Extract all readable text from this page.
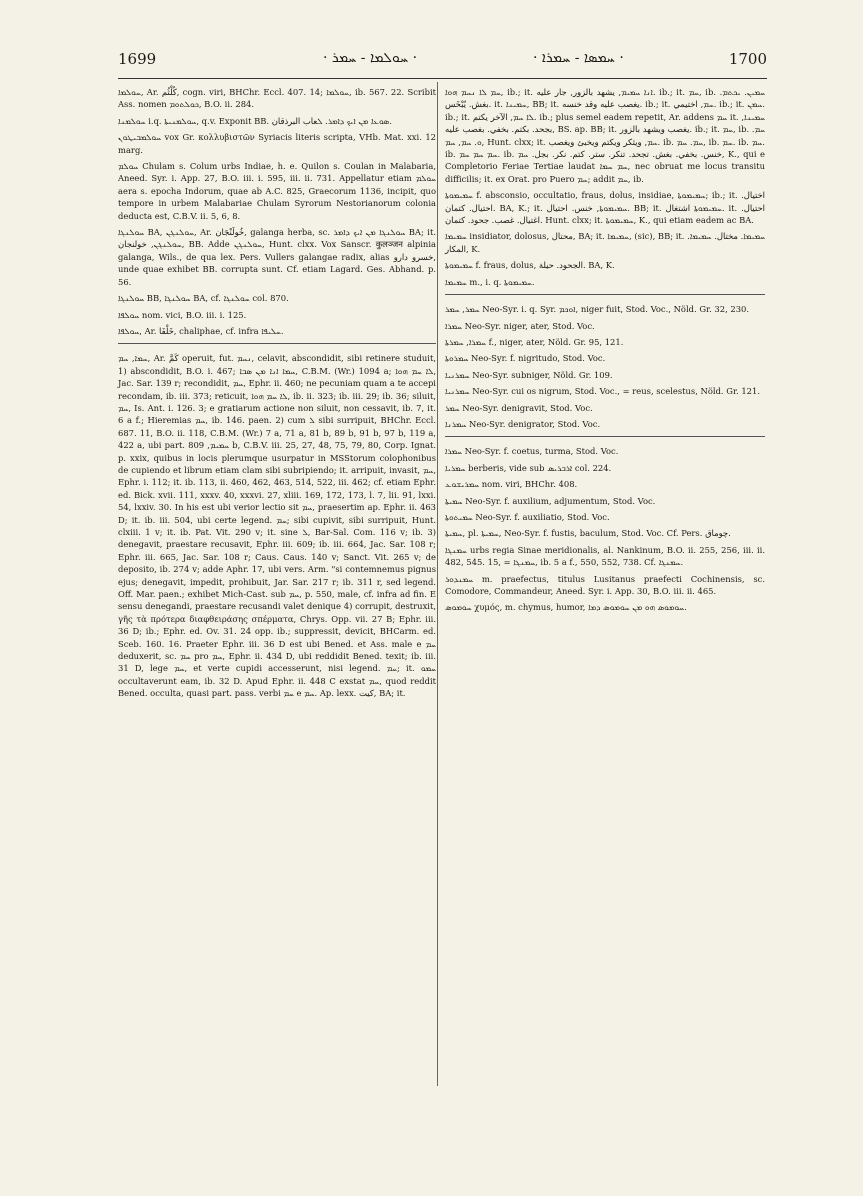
1699	· ܚܘܠܡܐ - ܚܡܪ ·	· ܚܡܣܐ - ܚܡܪܐ ·	1700

ܚܘܠܡܐ, Ar. كُلْثُم, cogn. viri, BHChr. Eccl. 407. 14; ܚܘܠܡܐ, ib. 567. 22. Scribit Ass. nomen ܟܘܠܬܘܡ, B.O. ii. 284.

ܚܘܠܡܢܐ i.q. ܚܘܠܡܢܝܬܐ, q.v. Exponit BB. ܣܘܥܐ ܡܢ ܐܝܟ ܕܐܡܪ. ܠعاب البرذقان.

ܚܘܠܡܒܝܛܘܢ vox Gr. κολλυβιστῶν Syriacis literis scripta, VHb. Mat. xxi. 12 marg.

ܚܘܠܡ Chulam s. Colum urbs Indiae, h. e. Quilon s. Coulan in Malabaria, Aneed. Syr. i. App. 27, B.O. iii. i. 595, iii. ii. 731. Appellatur etiam ܚܘܠܡ aera s. epocha Indorum, quae ab A.C. 825, Graecorum 1136, incipit, quo tempore in urbem Malabariae Chulam Syrorum Nestorianorum colonia deducta est, C.B.V. ii. 5, 6, 8.

ܚܘܠܢܓܐ BA, ܚܘܠܢܓܢ, Ar. خُولَنْجَان, galanga herba, sc. ܚܘܠܢܓܐ ܡܢ ܐܝܟ ܕܐܡܪ BA; it. ܚܘܠܢܓܢ, خولنجان, BB. Adde ܚܘܠܢܓܢ, Hunt. clxx. Vox Sanscr. कुलञ्जन alpinia galanga, Wils., de qua lex. Pers. Vullers galangae radix, alias خسرو دارو, unde quae exhibet BB. corrupta sunt. Cf. etiam Lagard. Ges. Abhand. p. 56.

ܚܘܠܢܓܐ BB, ܚܘܠܢܓܐ BA, cf. ܚܘܠܢܓܐ col. 870.

ܚܘܠܦܐ nom. vici, B.O. iii. i. 125.

ܚܘܠܦܐ, Ar. خَلْفَا, chaliphae, cf. infra ܚܠܝܦܐ.

ܚܡܐ, ܚܡ, Ar. كَمَّ operuit, fut. ܢܚܡ, celavit, abscondidit, sibi retinere studuit, 1) abscondidit, B.O. i. 467; ܚܡܐ ܐܢܐ ܡܢ ܣܒܐ, C.B.M. (Wr.) 1094 a; ܠܐ ܚܡ ܗܘܐ, Jac. Sar. 139 r; recondidit, ܚܡ, Ephr. ii. 460; ne pecuniam quam a te accepi recondam, ib. iii. 373; reticuit, ܠܐ ܚܡ ܗܘܐ, ib. ii. 323; ib. iii. 29; ib. 36; siluit, ܚܡ, Is. Ant. i. 126. 3; e gratiarum actione non siluit, non cessavit, ib. 7, it. 6 a f.; Hieremias ܚܡ, ib. 146. paen. 2) cum ܠ sibi surripuit, BHChr. Eccl. 687. 11, B.O. ii. 118, C.B.M. (Wr.) 7 a, 71 a, 81 b, 89 b, 91 b, 97 b, 119 a, 422 a, ubi part. ܚܡܝܡ, 809 b, C.B.V. iii. 25, 27, 48, 75, 79, 80, Corp. Ignat. p. xxix, quibus in locis plerumque usurpatur in MSStorum colophonibus de cupiendo et librum etiam clam sibi subripiendo; it. arripuit, invasit, ܚܡ, Ephr. i. 112; it. ib. 113, ii. 460, 462, 463, 514, 522, iii. 462; cf. etiam Ephr. ed. Bick. xvii. 111, xxxv. 40, xxxvi. 27, xliii. 169, 172, 173, l. 7, lii. 91, lxxi. 54, lxxiv. 30. In his est ubi verior lectio sit ܚܡ, praesertim ap. Ephr. ii. 463 D; it. ib. iii. 504, ubi certe legend. ܚܡ; sibi cupivit, sibi surripuit, Hunt. clxiii. 1 v; it. ib. Pat. Vit. 290 v; it. sine ܠ, Bar-Sal. Com. 116 v; ib. 3) denegavit, praestare recusavit, Ephr. iii. 609; ib. iii. 664, Jac. Sar. 108 r; Ephr. iii. 665, Jac. Sar. 108 r; Caus. Caus. 140 v; Sanct. Vit. 265 v; de deposito, ib. 274 v; adde Aphr. 17, ubi vers. Arm. "si contemnemus pignus ejus; denegavit, impedit, prohibuit, Jar. Sar. 217 r; ib. 311 r, sed legend. Off. Mar. paen.; exhibet Mich-Cast. sub ܚܡ, p. 550, male, cf. infra ad fin. E sensu denegandi, praestare recusandi valet denique 4) corrupit, destruxit, γῆς τὰ πρότερα διαφθειράσης σπέρματα, Chrys. Opp. vii. 27 B; Ephr. iii. 36 D; ib.; Ephr. ed. Ov. 31. 24 opp. ib.; suppressit, devicit, BHCarm. ed. Sceb. 160. 16. Praeter Ephr. iii. 36 D est ubi Bened. et Ass. male e ܚܡ deduxerit, sc. ܚܡ pro ܚܡ, Ephr. ii. 434 D, ubi reddidit Bened. texit; ib. iii. 31 D, lege ܚܡ, et verte cupidi accesserunt, nisi legend. ܚܡ; it. ܚܡܘ occultaverunt eam, ib. 32 D. Apud Ephr. ii. 448 C exstat ܚܡ, quod reddit Bened. occulta, quasi part. pass. verbi ܚܡ e ܚܡ. Ap. lexx. كيت, BA; it.

ܚܡ ܠܐ ܢܚܡ ܗܘܐ, ib.; it. ܐܢܐ ܚܡܝܡ, يشهد بالزور, جار عليه. ib.; it. ܚܡ, ib. ܚܡܝܢ. ܝܟܬܡ. بغش. يُبْخَس. it. ܚܡܝܢܐ, BB; it. يغصب عليه وقد خنسه. ib.; it. ܚܡ, اختيمي. ib.; it. ܚܡܢ. ib.; it. ܠܐ ܚܡ, الآخر يكتم. ib.; plus semel eadem repetit, Ar. addens ܚܡ it. ܚܡܝܢܐ, بجحد. بكتم. بخفي. بغصب عليه, BS. ap. BB; it. يغصب ويشهد بالزور. ib.; it. ܚܡ, ib. ܚܡ. ܘ. ܚܡ, ܚܡ, Hunt. clxx; it. ܚܡ, ويثكر ويكتم ويخبئ ويغصب. ib. ܚܡ. ܚܡ, ib. ܚܡ. ib. ܚܡ. ib. ܚܡ ܚܡ ܚܡ. ib. خنس. بخفي. بغش. تجحد. تنكر. ستر. كتم. نكر. بجل. ܚܡ, K., qui e Completorio Feriae Tertiae laudat ܚܡ ܚܡܐ, nec obruat me locus transitu difficilis; it. ex Orat. pro Puero ܚܡ; addit ܚܡ, ib.

ܚܡܝܡܘܬܐ f. absconsio, occultatio, fraus, dolus, insidiae, ܚܡܝܡܘܬܐ; ib.; it. اختيال. احتيال. كتمان. BA, K.; it. ܚܡܝܡܘܬܐ, خنس. احتيال. BB; it. ܚܡܝܡܘܬܐ اشتغال. it. احتيال. اغتيال. غصب. جحود. كتمان. Hunt. clxx; it. ܚܡܝܡܘܬܐ, K., qui etiam eadem ac BA.

ܚܡܝܡܐ insidiator, dolosus, محتال, BA; it. ܚܡܝܡܐ, (sic), BB; it. ܚܡܝܡܐ. مختال. ܚܡܝܡܐ. المكار, K.

ܚܡܝܡܘܬܐ f. fraus, dolus, الجحود. حيلة. BA, K.

ܚܡܝܡܐ m., i. q. ܚܡܝܡܘܬܐ.

ܚܡܪ, ܚܡܪ Neo-Syr. i. q. Syr. ܐܘܟܡ, niger fuit, Stod. Voc., Nöld. Gr. 32, 230.

ܚܡܪܐ Neo-Syr. niger, ater, Stod. Voc.

ܚܡܪܐ, ܚܡܪܬܐ f., niger, ater, Nöld. Gr. 95, 121.

ܚܡܪܘܬܐ Neo-Syr. f. nigritudo, Stod. Voc.

ܚܡܪܢܝܐ Neo-Syr. subniger, Nöld. Gr. 109.

ܚܡܪܢܝܐ Neo-Syr. cui os nigrum, Stod. Voc., = reus, scelestus, Nöld. Gr. 121.

ܚܡܪ Neo-Syr. denigravit, Stod. Voc.

ܚܡܪܢܐ Neo-Syr. denigrator, Stod. Voc.

ܚܡܪܐ Neo-Syr. f. coetus, turma, Stod. Voc.

ܚܡܪܝܐ berberis, vide sub ܐܪܒܪܝܣ col. 224.

ܚܡܪܝܫܘܥ nom. viri, BHChr. 408.

ܚܡܝܬܐ Neo-Syr. f. auxilium, adjumentum, Stod. Voc.

ܚܡܝܬܘܬܐ Neo-Syr. f. auxiliatio, Stod. Voc.

ܚܡܝܬܐ, pl. ܚܡܝܬܐ, Neo-Syr. f. fustis, baculum, Stod. Voc. Cf. Pers. چوماق.

ܚܡܢܓܐ urbs regia Sinae meridionalis, al. Nankinum, B.O. ii. 255, 256, iii. ii. 482, 545. 15, = ܚܡܢܓܐ, ib. 5 a f., 550, 552, 738. Cf. ܚܡܢܓܐ.

ܚܡܢܕܘܪ m. praefectus, titulus Lusitanus praefecti Cochinensis, sc. Comodore, Commandeur, Aneed. Syr. i. App. 30, B.O. iii. ii. 465.

ܚܘܡܘܣ χυμός, m. chymus, humor, ܚܘܡܘܣ ܗܘ ܡܢ ܚܘܡܘܣ ܕܡܐ.
